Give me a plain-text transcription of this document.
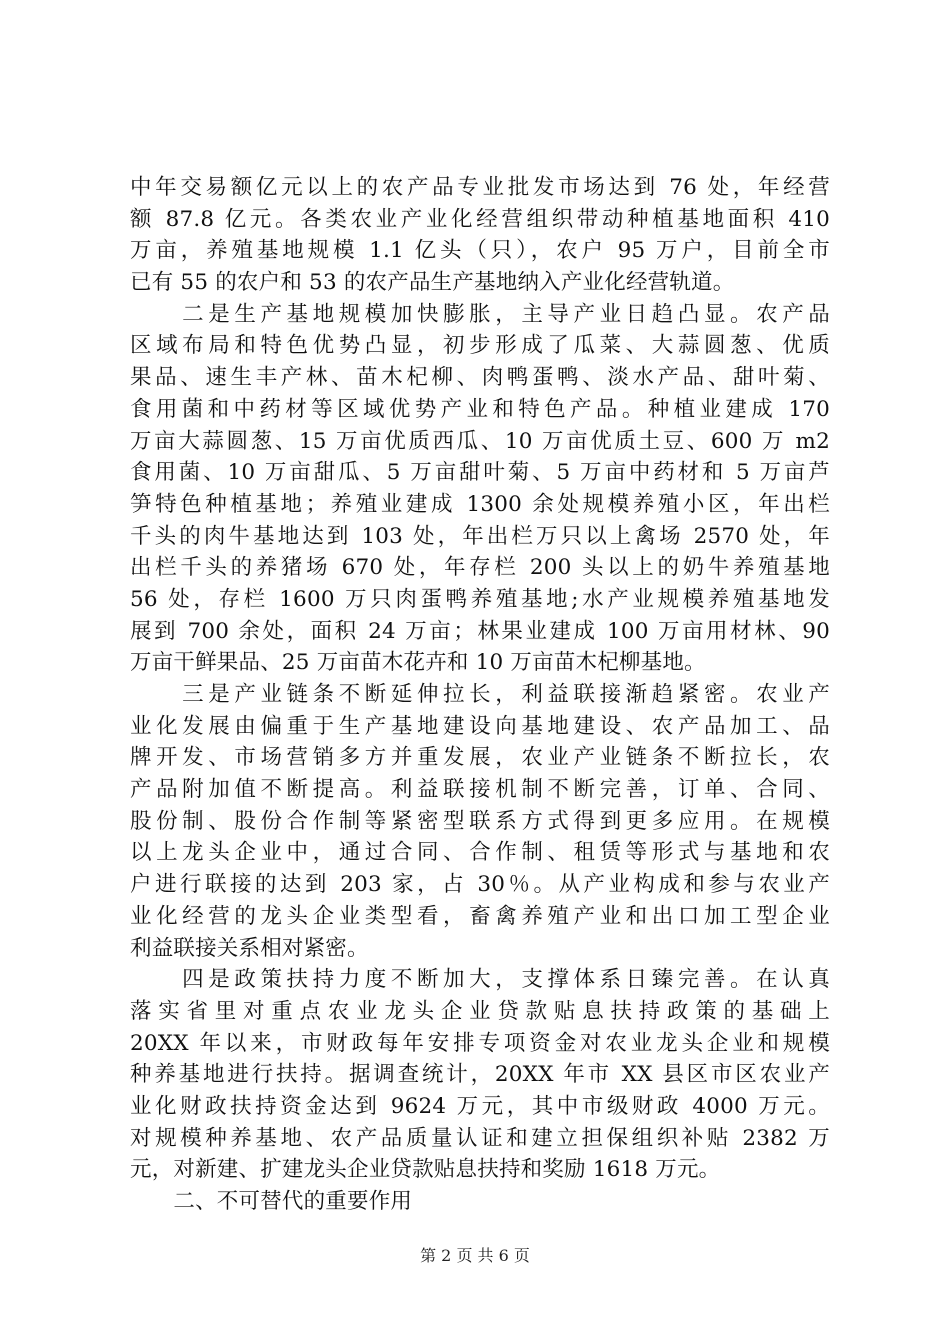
中年交易额亿元以上的农产品专业批发市场达到 76 处，年经营
额 87.8 亿元。各类农业产业化经营组织带动种植基地面积 410
万亩，养殖基地规模 1.1 亿头（只），农户 95 万户，目前全市
已有 55 的农户和 53 的农产品生产基地纳入产业化经营轨道。
　　二是生产基地规模加快膨胀，主导产业日趋凸显。农产品
区域布局和特色优势凸显，初步形成了瓜菜、大蒜圆葱、优质
果品、速生丰产林、苗木杞柳、肉鸭蛋鸭、淡水产品、甜叶菊、
食用菌和中药材等区域优势产业和特色产品。种植业建成 170
万亩大蒜圆葱、15 万亩优质西瓜、10 万亩优质土豆、600 万 m2
食用菌、10 万亩甜瓜、5 万亩甜叶菊、5 万亩中药材和 5 万亩芦
笋特色种植基地；养殖业建成 1300 余处规模养殖小区，年出栏
千头的肉牛基地达到 103 处，年出栏万只以上禽场 2570 处，年
出栏千头的养猪场 670 处，年存栏 200 头以上的奶牛养殖基地
56 处，存栏 1600 万只肉蛋鸭养殖基地;水产业规模养殖基地发
展到 700 余处，面积 24 万亩；林果业建成 100 万亩用材林、90
万亩干鲜果品、25 万亩苗木花卉和 10 万亩苗木杞柳基地。
　　三是产业链条不断延伸拉长，利益联接渐趋紧密。农业产
业化发展由偏重于生产基地建设向基地建设、农产品加工、品
牌开发、市场营销多方并重发展，农业产业链条不断拉长，农
产品附加值不断提高。利益联接机制不断完善，订单、合同、
股份制、股份合作制等紧密型联系方式得到更多应用。在规模
以上龙头企业中，通过合同、合作制、租赁等形式与基地和农
户进行联接的达到 203 家，占 30％。从产业构成和参与农业产
业化经营的龙头企业类型看，畜禽养殖产业和出口加工型企业
利益联接关系相对紧密。
　　四是政策扶持力度不断加大，支撑体系日臻完善。在认真
落实省里对重点农业龙头企业贷款贴息扶持政策的基础上
20XX 年以来，市财政每年安排专项资金对农业龙头企业和规模
种养基地进行扶持。据调查统计，20XX 年市 XX 县区市区农业产
业化财政扶持资金达到 9624 万元，其中市级财政 4000 万元。
对规模种养基地、农产品质量认证和建立担保组织补贴 2382 万
元，对新建、扩建龙头企业贷款贴息扶持和奖励 1618 万元。
　　二、不可替代的重要作用
第 2 页 共 6 页
